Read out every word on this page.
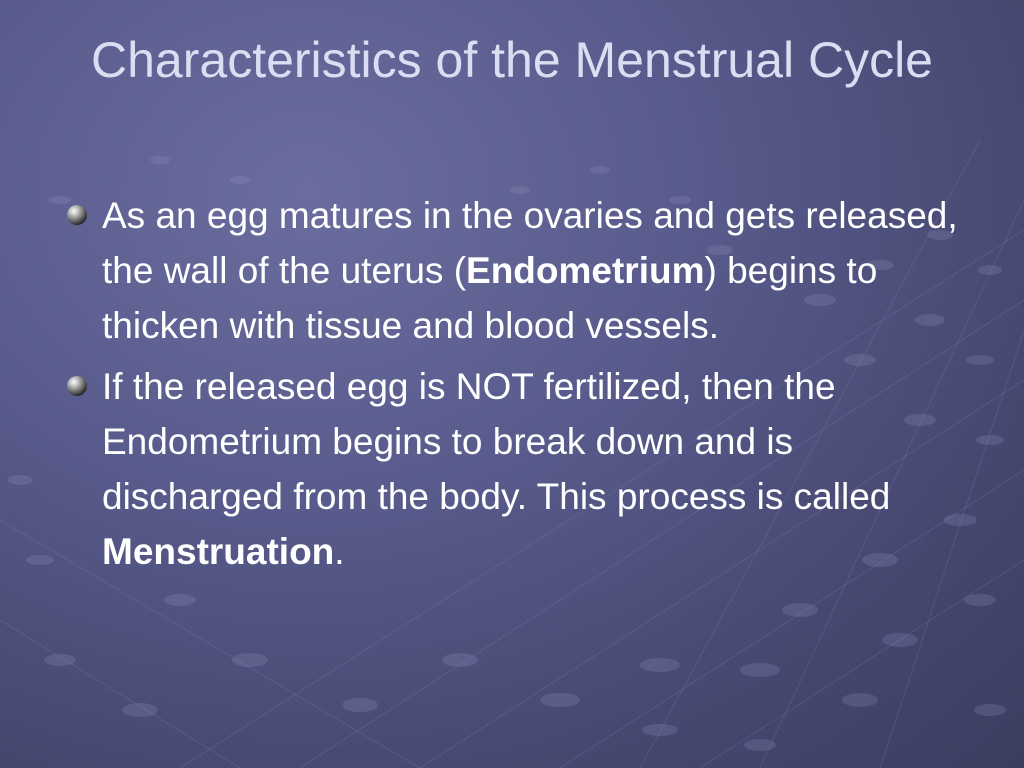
Characteristics of the Menstrual Cycle
As an egg matures in the ovaries and gets released, the wall of the uterus (Endometrium) begins to thicken with tissue and blood vessels.
If the released egg is NOT fertilized, then the Endometrium begins to break down and is discharged from the body. This process is called Menstruation.
